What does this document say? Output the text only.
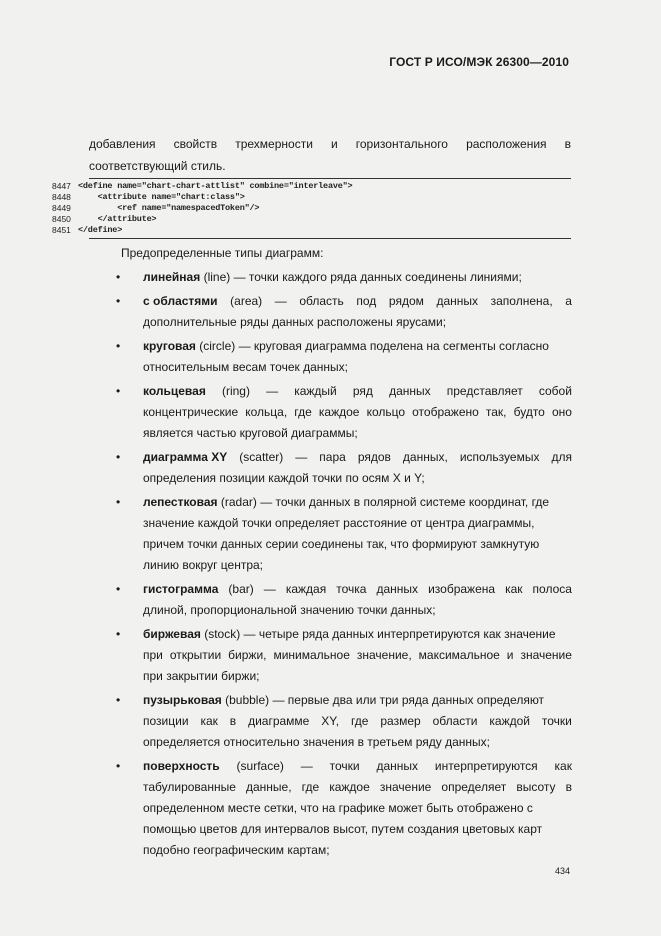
ГОСТ Р ИСО/МЭК 26300—2010
добавления свойств трехмерности и горизонтального расположения в
соответствующий стиль.
8447 <define name="chart-chart-attlist" combine="interleave">
8448 <attribute name="chart:class">
8449 <ref name="namespacedToken"/>
8450 </attribute>
8451 </define>
Предопределенные типы диаграмм:
• линейная (line) — точки каждого ряда данных соединены линиями;
• с областями (area) — область под рядом данных заполнена, а
дополнительные ряды данных расположены ярусами;
• круговая (circle) — круговая диаграмма поделена на сегменты согласно
относительным весам точек данных;
• кольцевая (ring) — каждый ряд данных представляет собой
концентрические кольца, где каждое кольцо отображено так, будто оно
является частью круговой диаграммы;
• диаграмма XY (scatter) — пара рядов данных, используемых для
определения позиции каждой точки по осям X и Y;
• лепестковая (radar) — точки данных в полярной системе координат, где
значение каждой точки определяет расстояние от центра диаграммы,
причем точки данных серии соединены так, что формируют замкнутую
линию вокруг центра;
• гистограмма (bar) — каждая точка данных изображена как полоса
длиной, пропорциональной значению точки данных;
• биржевая (stock) — четыре ряда данных интерпретируются как значение
при открытии биржи, минимальное значение, максимальное и значение
при закрытии биржи;
• пузырьковая (bubble) — первые два или три ряда данных определяют
позиции как в диаграмме XY, где размер области каждой точки
определяется относительно значения в третьем ряду данных;
• поверхность (surface) — точки данных интерпретируются как
табулированные данные, где каждое значение определяет высоту в
определенном месте сетки, что на графике может быть отображено с
помощью цветов для интервалов высот, путем создания цветовых карт
подобно географическим картам;
434
